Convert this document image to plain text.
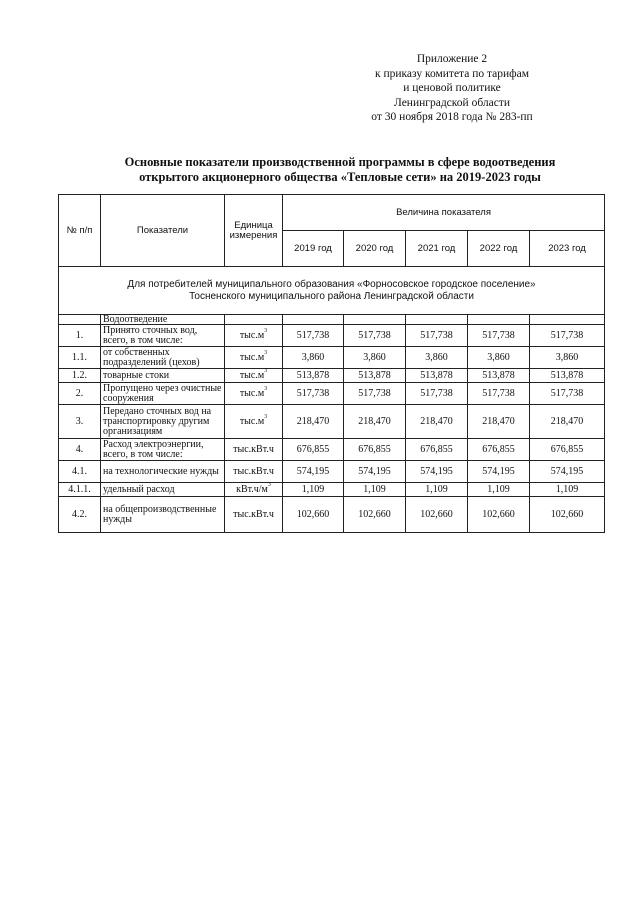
Приложение 2
к приказу комитета по тарифам
и ценовой политике
Ленинградской области
от 30 ноября 2018 года № 283-пп
Основные показатели производственной программы в сфере водоотведения
открытого акционерного общества «Тепловые сети» на 2019-2023 годы
№ п/п	Показатели	Единица измерения	Величина показателя				
			2019 год	2020 год	2021 год	2022 год	2023 год

Для потребителей муниципального образования «Форносовское городское поселение»
Тосненского муниципального района Ленинградской области							

	Водоотведение						
1.	Принято сточных вод, всего, в том числе:	$тыс.м^3$	517,738	517,738	517,738	517,738	517,738
1.1.	от собственных подразделений (цехов)	$тыс.м^3$	3,860	3,860	3,860	3,860	3,860
1.2.	товарные стоки	$тыс.м^3$	513,878	513,878	513,878	513,878	513,878
2.	Пропущено через очистные сооружения	$тыс.м^3$	517,738	517,738	517,738	517,738	517,738
3.	Передано сточных вод на транспортировку другим организациям	$тыс.м^3$	218,470	218,470	218,470	218,470	218,470
4.	Расход электроэнергии, всего, в том числе:	тыс.кВт.ч	676,855	676,855	676,855	676,855	676,855
4.1.	на технологические нужды	тыс.кВт.ч	574,195	574,195	574,195	574,195	574,195
4.1.1.	удельный расход	$кВт.ч/м^3$	1,109	1,109	1,109	1,109	1,109
4.2.	на общепроизводственные нужды	тыс.кВт.ч	102,660	102,660	102,660	102,660	102,660
